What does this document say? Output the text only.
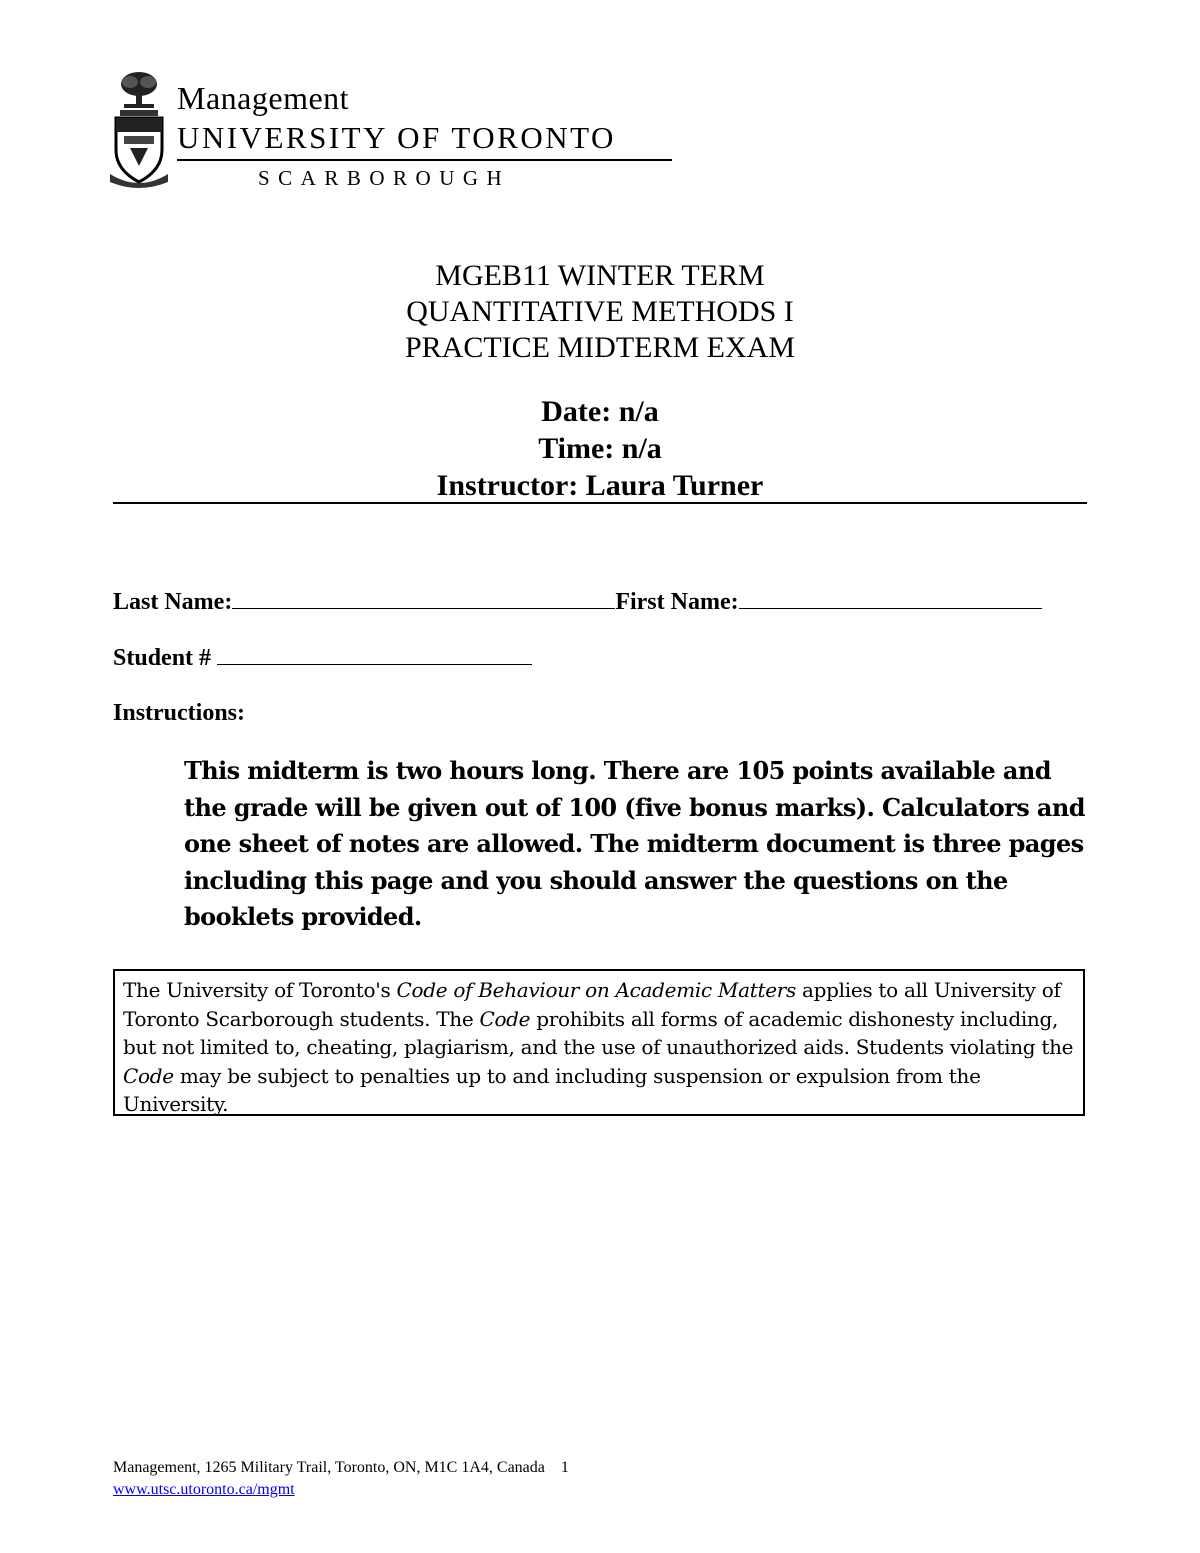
Management
UNIVERSITY OF TORONTO
SCARBOROUGH
MGEB11 WINTER TERM
QUANTITATIVE METHODS I
PRACTICE MIDTERM EXAM
Date: n/a
Time: n/a
Instructor: Laura Turner
Last Name:	First Name:
Student #
Instructions:
This midterm is two hours long. There are 105 points available and the grade will be given out of 100 (five bonus marks). Calculators and one sheet of notes are allowed. The midterm document is three pages including this page and you should answer the questions on the booklets provided.
The University of Toronto's Code of Behaviour on Academic Matters applies to all University of Toronto Scarborough students. The Code prohibits all forms of academic dishonesty including, but not limited to, cheating, plagiarism, and the use of unauthorized aids. Students violating the Code may be subject to penalties up to and including suspension or expulsion from the University.
Management, 1265 Military Trail, Toronto, ON, M1C 1A4, Canada    1
www.utsc.utoronto.ca/mgmt
